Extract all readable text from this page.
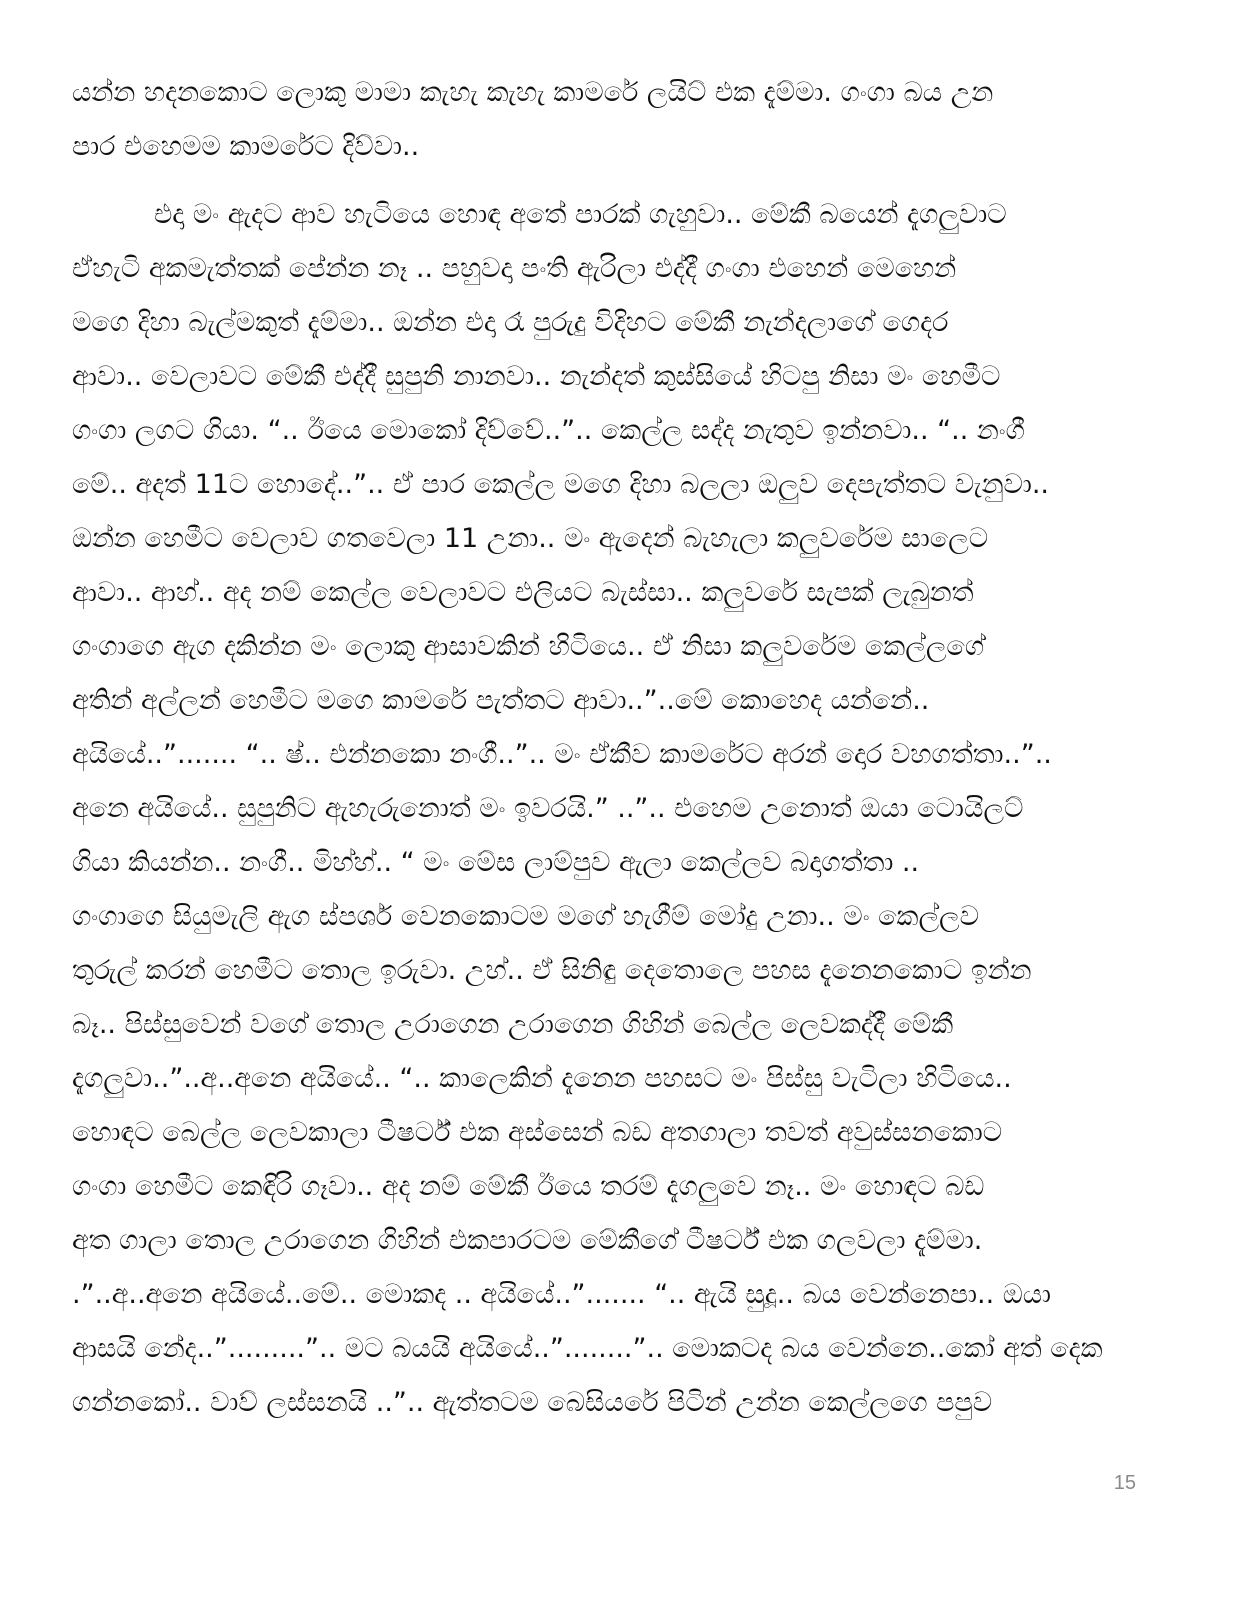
යන්න හදනකොට ලොකු මාමා කැහැ කැහැ කාමරේ ලයිට් එක දැම්මා. ගංගා බය උන
පාර එහෙමම කාමරේට දිව්වා..
එදා මං ඇදට ආව හැටියෙ හොඳ අතේ පාරක් ගැහුවා.. මේකී බයෙන් දැගලුවාට
ඒහැටි අකමැත්තක් පේන්න නෑ .. පහුවදා පංති ඇරිලා එද්දී ගංගා එහෙන් මෙහෙන්
මගෙ දිහා බැල්මකුත් දැම්මා.. ඔන්න එදා රෑ පුරුදු විදිහට මේකී නැන්දලාගේ ගෙදර
ආවා.. වෙලාවට මේකී එද්දී සුපුනි නානවා.. නැන්දත් කුස්සියේ හිටපු නිසා මං හෙමීට
ගංගා ලගට ගියා. “.. ඊයෙ මොකෝ දිව්වේ..”.. කෙල්ල සද්ද නැතුව ඉන්නවා.. “.. නංගී
මේ.. අදත් 11ට හොදේ..”.. ඒ පාර කෙල්ල මගෙ දිහා බලලා ඔලුව දෙපැත්තට වැනුවා..
ඔන්න හෙමීට වෙලාව ගතවෙලා 11 උනා.. මං ඇදෙන් බැහැලා කලුවරේම සාලෙට
ආවා.. ආහ්.. අද නම් කෙල්ල වෙලාවට එලියට බැස්සා.. කලුවරේ සැපක් ලැබුනත්
ගංගාගෙ ඇග දකින්න මං ලොකු ආසාවකින් හිටියෙ.. ඒ නිසා කලුවරේම කෙල්ලගේ
අතින් අල්ලන් හෙමීට මගෙ කාමරේ පැත්තට ආවා..”..මේ කොහෙද යන්නේ..
අයියේ..”....... “.. ෂ්.. එන්නකො නංගී..”.. මං ඒකීව කාමරේට අරන් දොර වහගත්තා..”..
අනෙ අයියේ.. සුපුනිට ඇහැරුනොත් මං ඉවරයි.” ..”.. එහෙම උනොත් ඔයා ටොයිලට්
ගියා කියන්න.. නංගී.. මිහ්හ්.. “ මං මේස ලාම්පුව ඇලා කෙල්ලව බදාගත්තා ..
ගංගාගෙ සියුමැලි ඇග ස්පර්ශ වෙනකොටම මගේ හැගීම් මෝදු උනා.. මං කෙල්ලව
තුරුල් කරන් හෙමීට තොල ඉරුවා. උහ්.. ඒ සිනිඳු දෙතොලෙ පහස දැනෙනකොට ඉන්න
බෑ.. පිස්සුවෙන් වගේ තොල උරාගෙන උරාගෙන ගිහින් බෙල්ල ලෙවකද්දී මේකී
දැගලුවා..”..අ..අනෙ අයියේ.. “.. කාලෙකින් දැනෙන පහසට මං පිස්සු වැටිලා හිටියෙ..
හොඳට බෙල්ල ලෙවකාලා ටීෂර්ට් එක අස්සෙන් බඩ අතගාලා තවත් අවුස්සනකොට
ගංගා හෙමීට කෙඳිරි ගෑවා.. අද නම් මේකී ඊයෙ තරම් දැගලුවෙ නෑ.. මං හොඳට බඩ
අත ගාලා තොල උරාගෙන ගිහින් එකපාරටම මේකීගේ ටීෂර්ට් එක ගලවලා දැම්මා.
.”..අ..අනෙ අයියේ..මේ.. මොකද .. අයියේ..”....... “.. ඇයි සුදූ.. බය වෙන්නෙපා.. ඔයා
ආසයි නේද..”.........”.. මට බයයි අයියේ..”........”.. මොකටද බය වෙන්නෙ..කෝ අත් දෙක
ගන්නකෝ.. වාව් ලස්සනයි ..”.. ඇත්තටම බෙසියරේ පිටින් උන්න කෙල්ලගෙ පපුව
15
